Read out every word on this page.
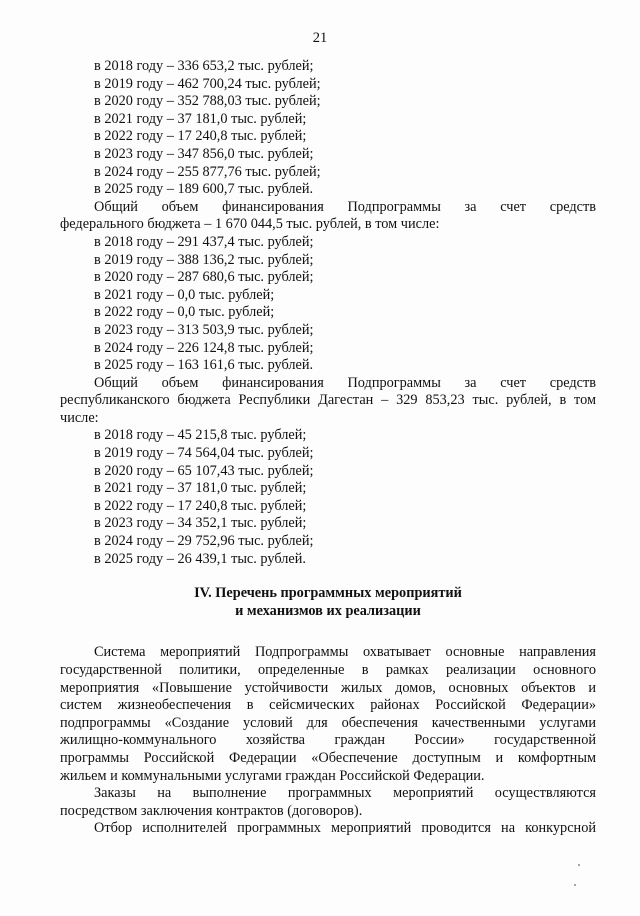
21
в 2018 году – 336 653,2 тыс. рублей;
в 2019 году – 462 700,24 тыс. рублей;
в 2020 году – 352 788,03 тыс. рублей;
в 2021 году – 37 181,0 тыс. рублей;
в 2022 году – 17 240,8 тыс. рублей;
в 2023 году – 347 856,0 тыс. рублей;
в 2024 году – 255 877,76 тыс. рублей;
в 2025 году – 189 600,7 тыс. рублей.
Общий объем финансирования Подпрограммы за счет средств
федерального бюджета – 1 670 044,5 тыс. рублей, в том числе:
в 2018 году – 291 437,4 тыс. рублей;
в 2019 году – 388 136,2 тыс. рублей;
в 2020 году – 287 680,6 тыс. рублей;
в 2021 году – 0,0 тыс. рублей;
в 2022 году – 0,0 тыс. рублей;
в 2023 году – 313 503,9 тыс. рублей;
в 2024 году – 226 124,8 тыс. рублей;
в 2025 году – 163 161,6 тыс. рублей.
Общий объем финансирования Подпрограммы за счет средств
республиканского бюджета Республики Дагестан – 329 853,23 тыс. рублей, в том
числе:
в 2018 году – 45 215,8 тыс. рублей;
в 2019 году – 74 564,04 тыс. рублей;
в 2020 году – 65 107,43 тыс. рублей;
в 2021 году – 37 181,0 тыс. рублей;
в 2022 году – 17 240,8 тыс. рублей;
в 2023 году – 34 352,1 тыс. рублей;
в 2024 году – 29 752,96 тыс. рублей;
в 2025 году – 26 439,1 тыс. рублей.
IV. Перечень программных мероприятий
и механизмов их реализации
Система мероприятий Подпрограммы охватывает основные направления
государственной политики, определенные в рамках реализации основного
мероприятия «Повышение устойчивости жилых домов, основных объектов и
систем жизнеобеспечения в сейсмических районах Российской Федерации»
подпрограммы «Создание условий для обеспечения качественными услугами
жилищно-коммунального хозяйства граждан России» государственной
программы Российской Федерации «Обеспечение доступным и комфортным
жильем и коммунальными услугами граждан Российской Федерации.
Заказы на выполнение программных мероприятий осуществляются
посредством заключения контрактов (договоров).
Отбор исполнителей программных мероприятий проводится на конкурсной
